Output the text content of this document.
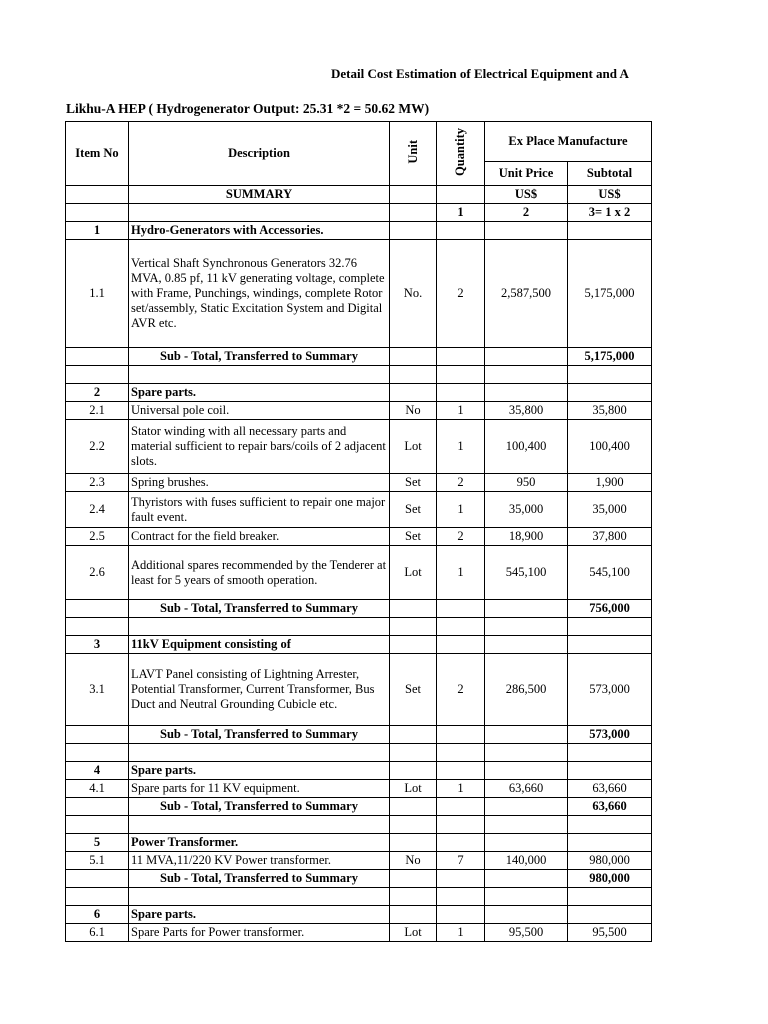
Detail Cost Estimation of Electrical Equipment and A
Likhu-A HEP ( Hydrogenerator Output: 25.31 *2 = 50.62 MW)
Item No	Description	Unit	Quantity	Ex Place Manufacture	
				Unit Price	Subtotal
	SUMMARY			US$	US$
			1	2	3= 1 x 2
1	Hydro-Generators with Accessories.				
1.1	Vertical Shaft Synchronous Generators 32.76 MVA, 0.85 pf, 11 kV generating voltage, complete with Frame, Punchings, windings, complete Rotor set/assembly, Static Excitation System and Digital AVR etc.	No.	2	2,587,500	5,175,000
	Sub - Total, Transferred to Summary				5,175,000

2	Spare parts.				
2.1	Universal pole coil.	No	1	35,800	35,800
2.2	Stator winding with all necessary parts and material sufficient to repair bars/coils of 2 adjacent slots.	Lot	1	100,400	100,400
2.3	Spring brushes.	Set	2	950	1,900
2.4	Thyristors with fuses sufficient to repair one major fault event.	Set	1	35,000	35,000
2.5	Contract for the field breaker.	Set	2	18,900	37,800
2.6	Additional spares recommended by the Tenderer at least for 5 years of smooth operation.	Lot	1	545,100	545,100
	Sub - Total, Transferred to Summary				756,000

3	11kV Equipment consisting of				
3.1	LAVT Panel consisting of Lightning Arrester, Potential Transformer, Current Transformer, Bus Duct and Neutral Grounding Cubicle etc.	Set	2	286,500	573,000
	Sub - Total, Transferred to Summary				573,000

4	Spare parts.				
4.1	Spare parts for 11 KV equipment.	Lot	1	63,660	63,660
	Sub - Total, Transferred to Summary				63,660

5	Power Transformer.				
5.1	11 MVA,11/220 KV Power transformer.	No	7	140,000	980,000
	Sub - Total, Transferred to Summary				980,000

6	Spare parts.				
6.1	Spare Parts for Power transformer.	Lot	1	95,500	95,500
